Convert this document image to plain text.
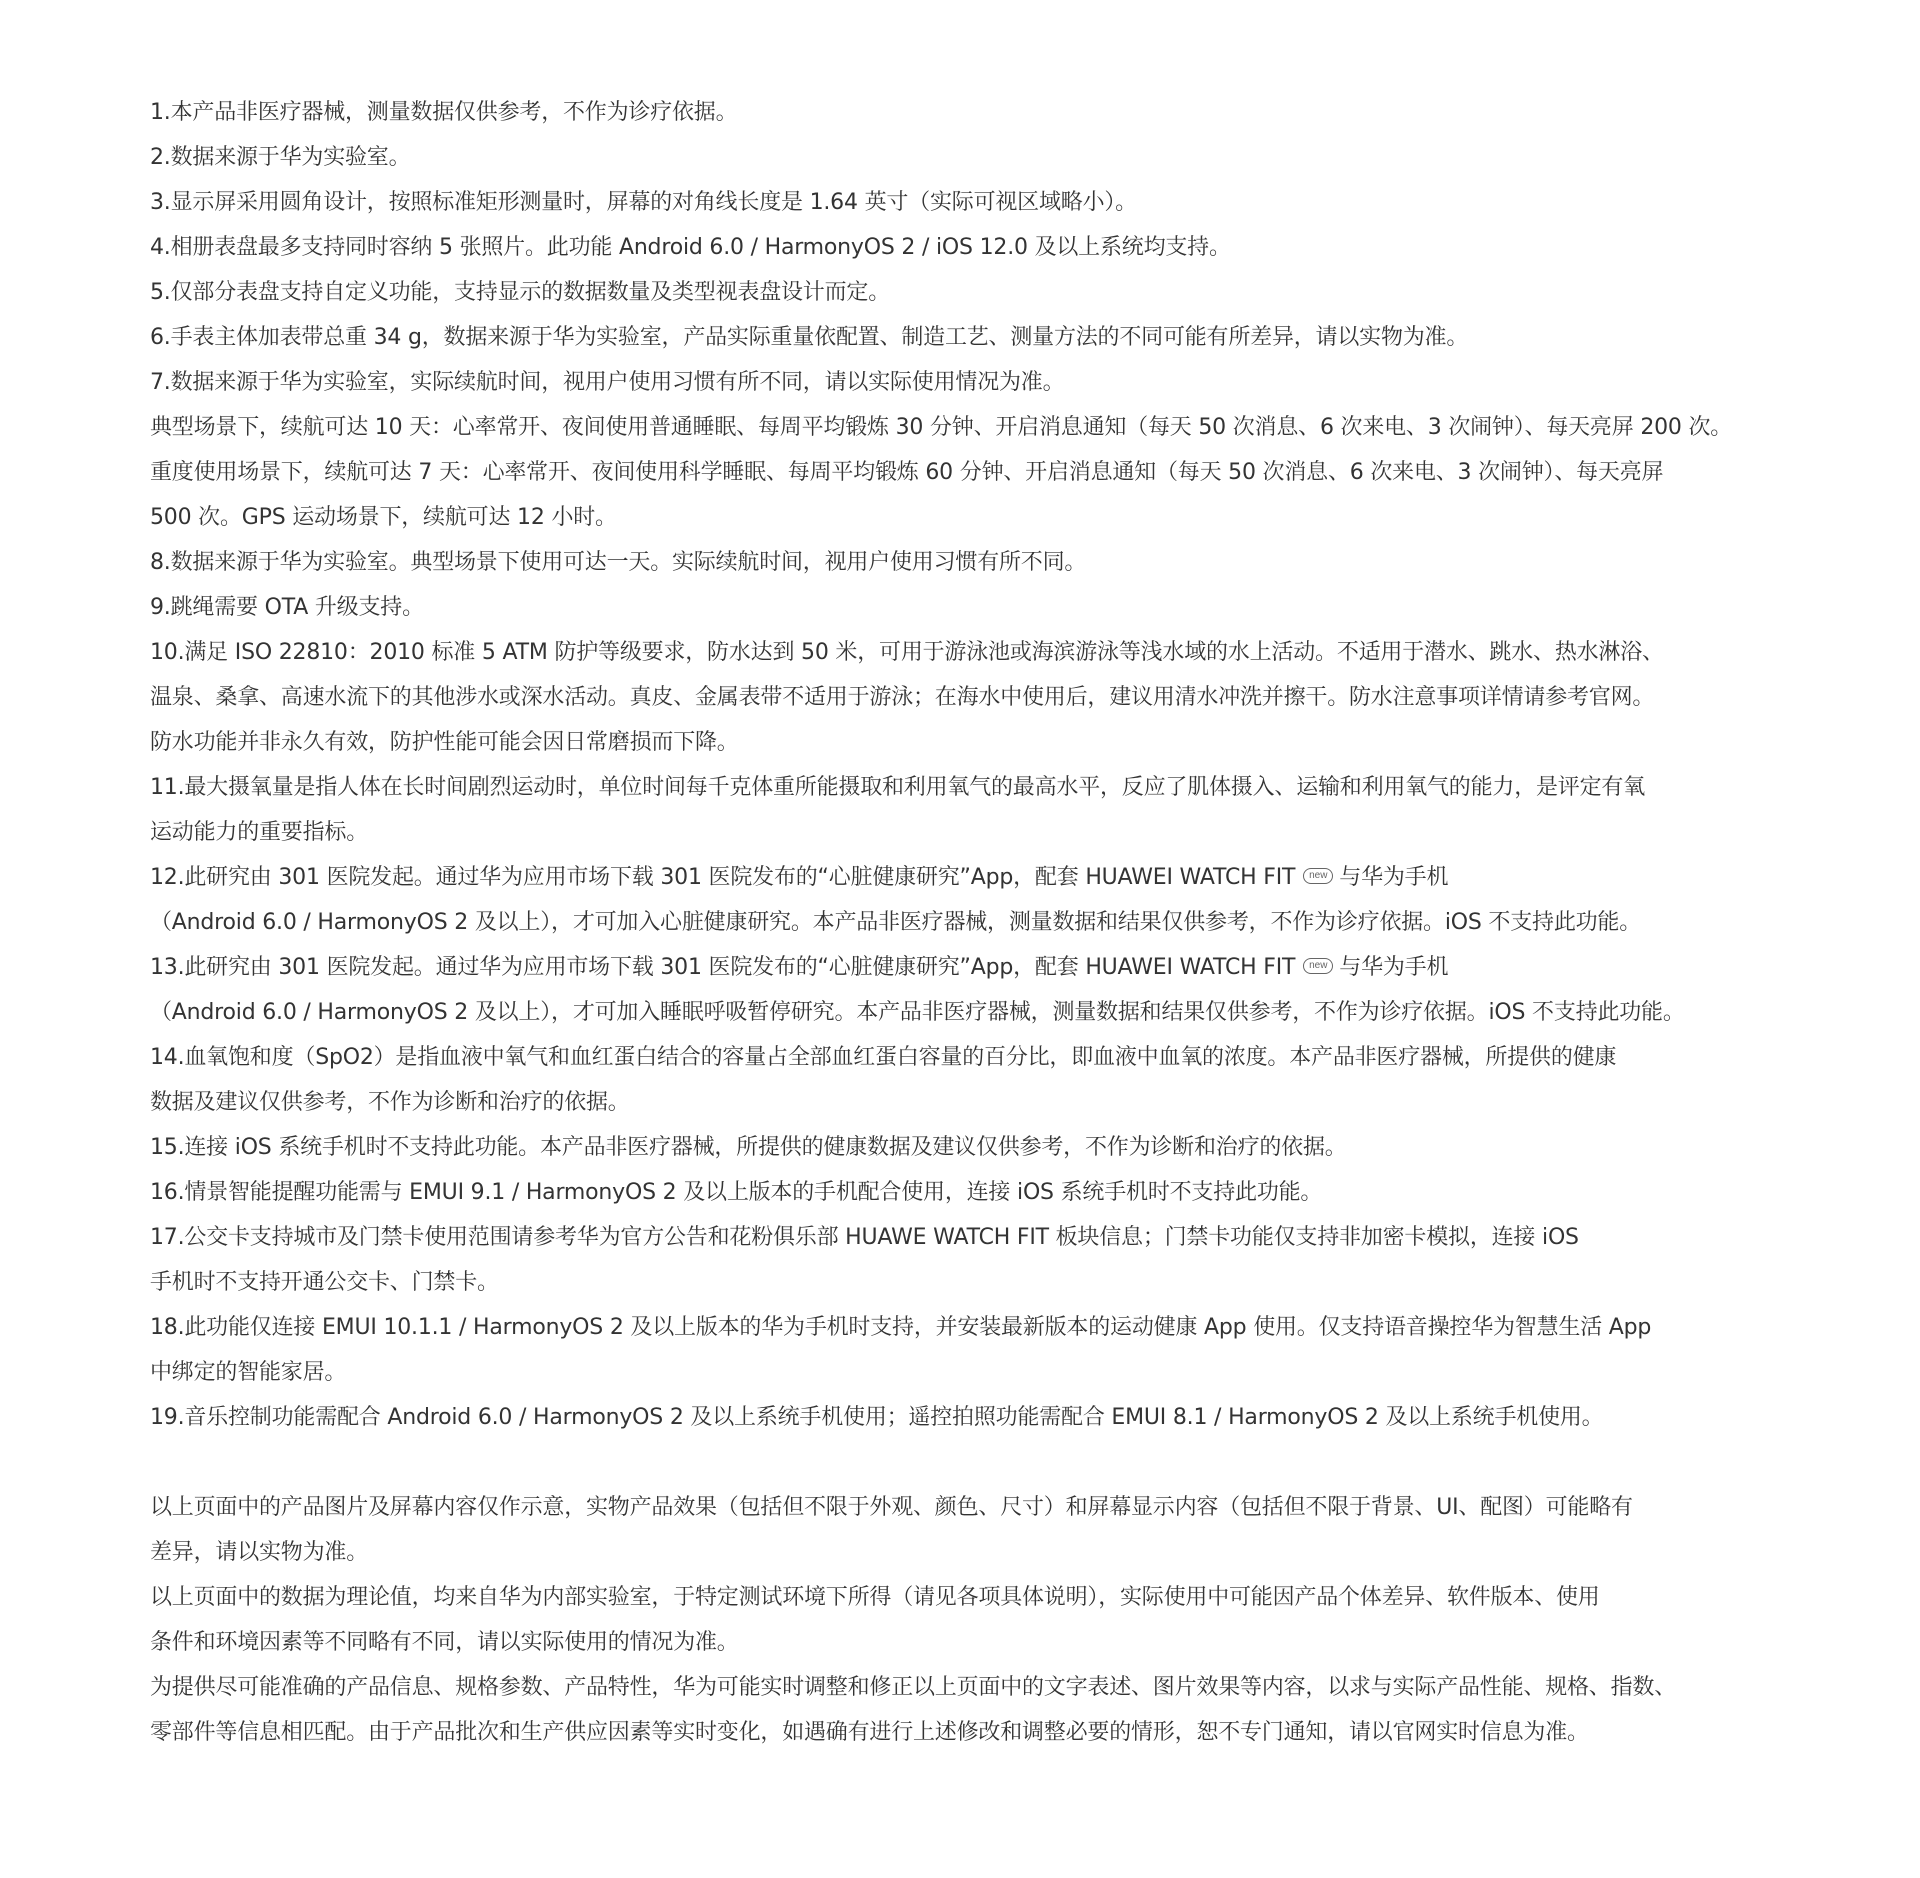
1.本产品非医疗器械，测量数据仅供参考，不作为诊疗依据。

2.数据来源于华为实验室。

3.显示屏采用圆角设计，按照标准矩形测量时，屏幕的对角线长度是 1.64 英寸（实际可视区域略小）。

4.相册表盘最多支持同时容纳 5 张照片。此功能 Android 6.0 / HarmonyOS 2 / iOS 12.0 及以上系统均支持。

5.仅部分表盘支持自定义功能，支持显示的数据数量及类型视表盘设计而定。

6.手表主体加表带总重 34 g，数据来源于华为实验室，产品实际重量依配置、制造工艺、测量方法的不同可能有所差异，请以实物为准。

7.数据来源于华为实验室，实际续航时间，视用户使用习惯有所不同，请以实际使用情况为准。

典型场景下，续航可达 10 天：心率常开、夜间使用普通睡眠、每周平均锻炼 30 分钟、开启消息通知（每天 50 次消息、6 次来电、3 次闹钟）、每天亮屏 200 次。

重度使用场景下，续航可达 7 天：心率常开、夜间使用科学睡眠、每周平均锻炼 60 分钟、开启消息通知（每天 50 次消息、6 次来电、3 次闹钟）、每天亮屏

500 次。GPS 运动场景下，续航可达 12 小时。

8.数据来源于华为实验室。典型场景下使用可达一天。实际续航时间，视用户使用习惯有所不同。

9.跳绳需要 OTA 升级支持。

10.满足 ISO 22810：2010 标准 5 ATM 防护等级要求，防水达到 50 米，可用于游泳池或海滨游泳等浅水域的水上活动。不适用于潜水、跳水、热水淋浴、

温泉、桑拿、高速水流下的其他涉水或深水活动。真皮、金属表带不适用于游泳；在海水中使用后，建议用清水冲洗并擦干。防水注意事项详情请参考官网。

防水功能并非永久有效，防护性能可能会因日常磨损而下降。

11.最大摄氧量是指人体在长时间剧烈运动时，单位时间每千克体重所能摄取和利用氧气的最高水平，反应了肌体摄入、运输和利用氧气的能力，是评定有氧

运动能力的重要指标。

12.此研究由 301 医院发起。通过华为应用市场下载 301 医院发布的“心脏健康研究”App，配套 HUAWEI WATCH FIT new 与华为手机

（Android 6.0 / HarmonyOS 2 及以上），才可加入心脏健康研究。本产品非医疗器械，测量数据和结果仅供参考，不作为诊疗依据。iOS 不支持此功能。

13.此研究由 301 医院发起。通过华为应用市场下载 301 医院发布的“心脏健康研究”App，配套 HUAWEI WATCH FIT new 与华为手机

（Android 6.0 / HarmonyOS 2 及以上），才可加入睡眠呼吸暂停研究。本产品非医疗器械，测量数据和结果仅供参考，不作为诊疗依据。iOS 不支持此功能。

14.血氧饱和度（SpO2）是指血液中氧气和血红蛋白结合的容量占全部血红蛋白容量的百分比，即血液中血氧的浓度。本产品非医疗器械，所提供的健康

数据及建议仅供参考，不作为诊断和治疗的依据。

15.连接 iOS 系统手机时不支持此功能。本产品非医疗器械，所提供的健康数据及建议仅供参考，不作为诊断和治疗的依据。

16.情景智能提醒功能需与 EMUI 9.1 / HarmonyOS 2 及以上版本的手机配合使用，连接 iOS 系统手机时不支持此功能。

17.公交卡支持城市及门禁卡使用范围请参考华为官方公告和花粉俱乐部 HUAWE WATCH FIT 板块信息；门禁卡功能仅支持非加密卡模拟，连接 iOS

手机时不支持开通公交卡、门禁卡。

18.此功能仅连接 EMUI 10.1.1 / HarmonyOS 2 及以上版本的华为手机时支持，并安装最新版本的运动健康 App 使用。仅支持语音操控华为智慧生活 App

中绑定的智能家居。

19.音乐控制功能需配合 Android 6.0 / HarmonyOS 2 及以上系统手机使用；遥控拍照功能需配合 EMUI 8.1 / HarmonyOS 2 及以上系统手机使用。

以上页面中的产品图片及屏幕内容仅作示意，实物产品效果（包括但不限于外观、颜色、尺寸）和屏幕显示内容（包括但不限于背景、UI、配图）可能略有

差异，请以实物为准。

以上页面中的数据为理论值，均来自华为内部实验室，于特定测试环境下所得（请见各项具体说明），实际使用中可能因产品个体差异、软件版本、使用

条件和环境因素等不同略有不同，请以实际使用的情况为准。

为提供尽可能准确的产品信息、规格参数、产品特性，华为可能实时调整和修正以上页面中的文字表述、图片效果等内容，以求与实际产品性能、规格、指数、

零部件等信息相匹配。由于产品批次和生产供应因素等实时变化，如遇确有进行上述修改和调整必要的情形，恕不专门通知，请以官网实时信息为准。
